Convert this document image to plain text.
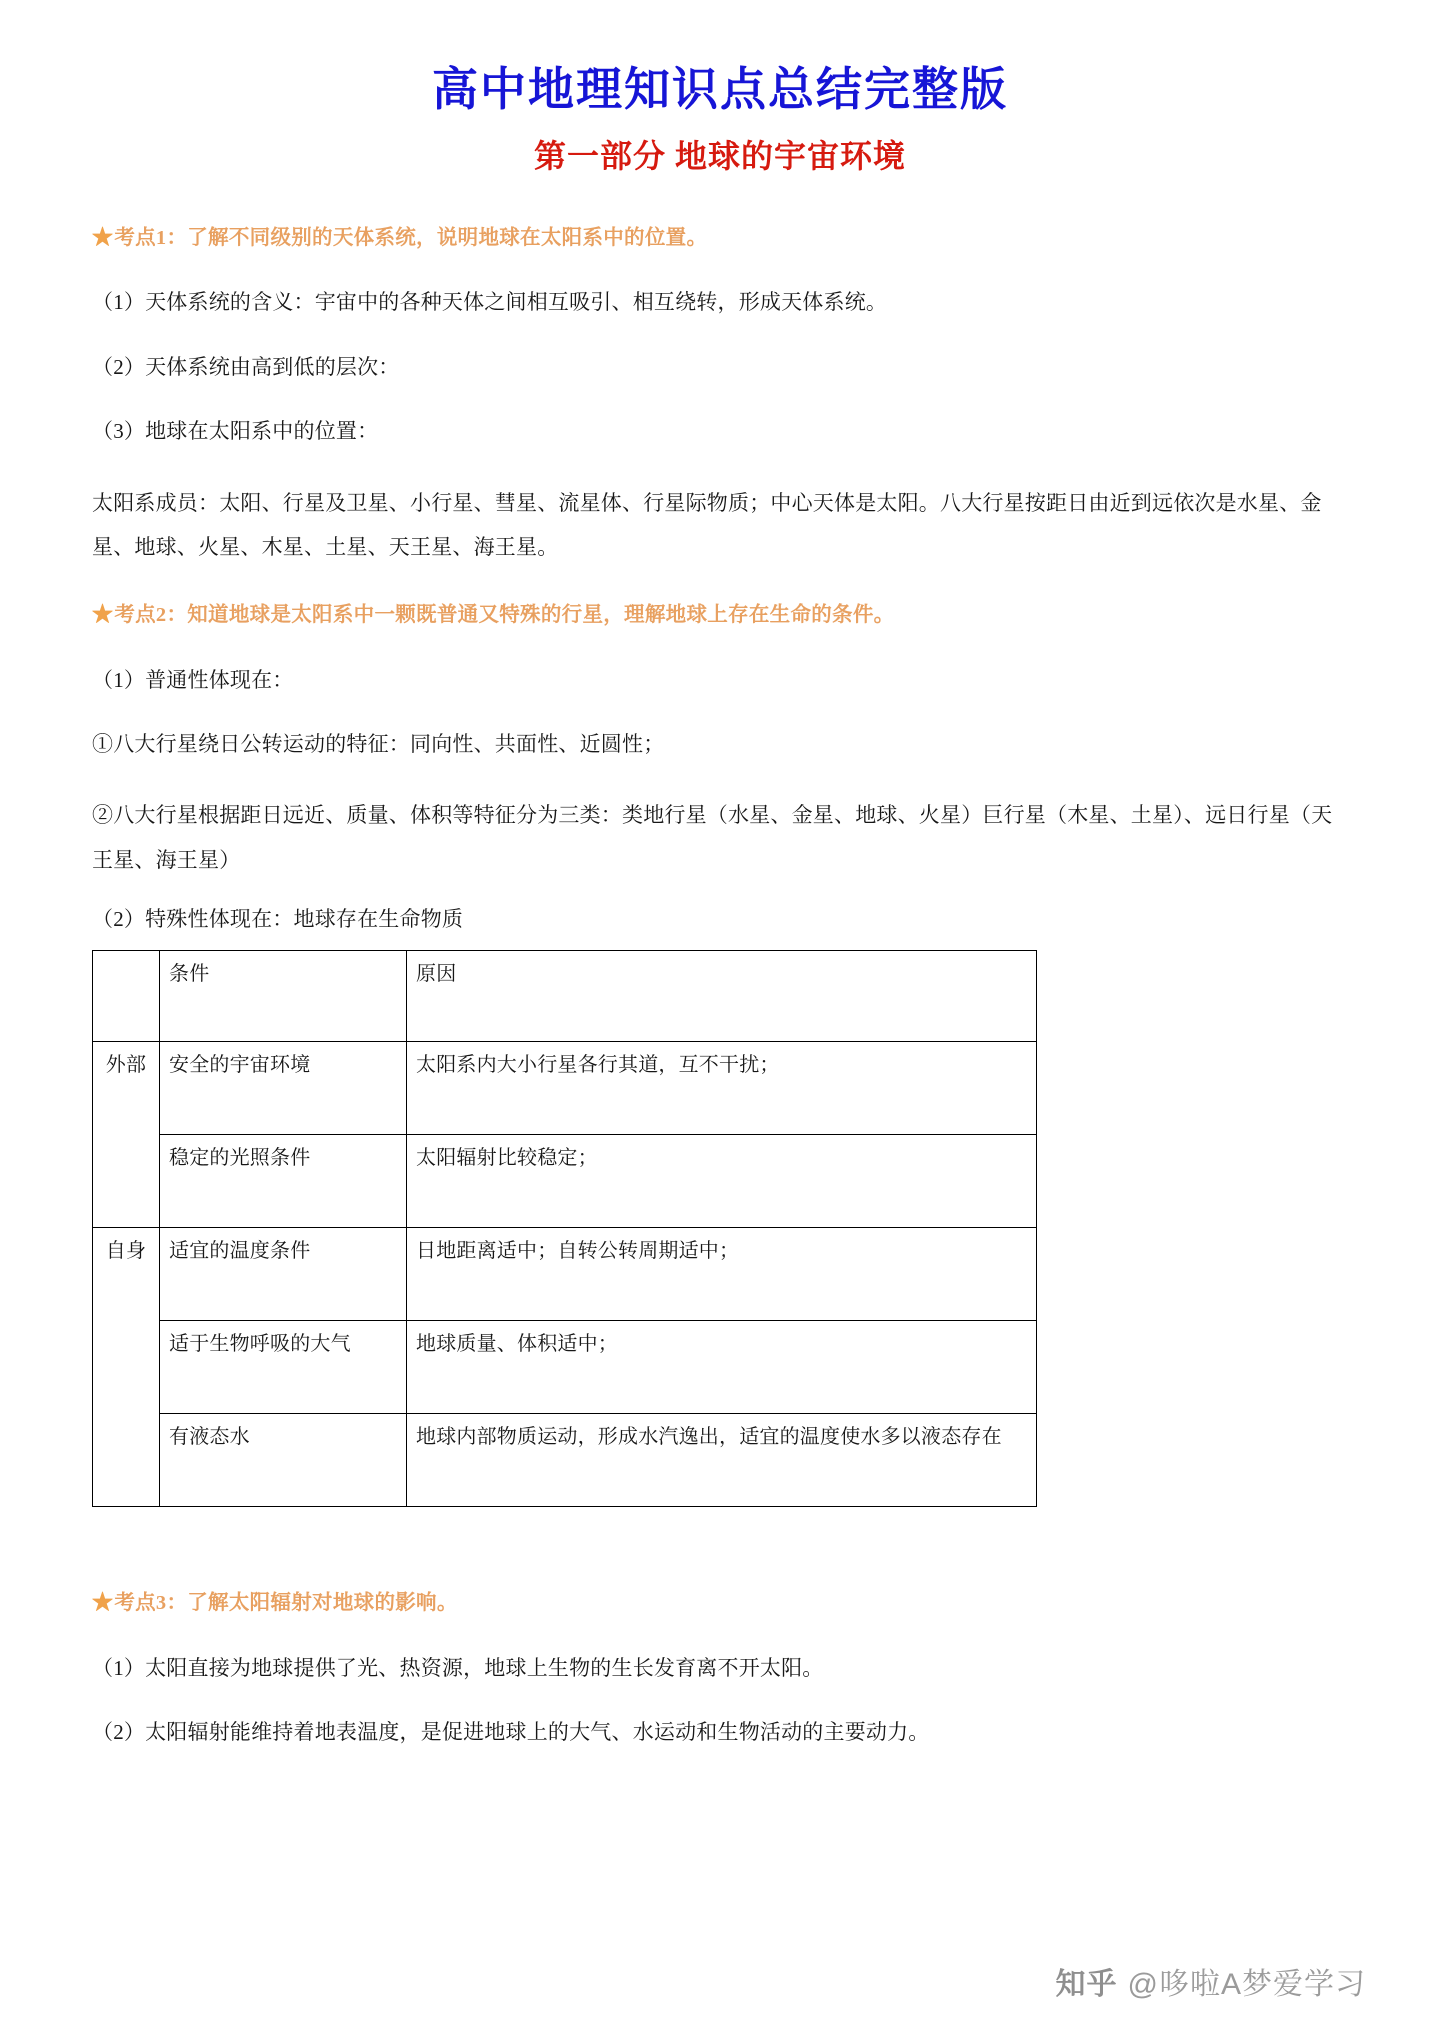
高中地理知识点总结完整版
第一部分 地球的宇宙环境

★考点1：了解不同级别的天体系统，说明地球在太阳系中的位置。

（1）天体系统的含义：宇宙中的各种天体之间相互吸引、相互绕转，形成天体系统。

（2）天体系统由高到低的层次：

（3）地球在太阳系中的位置：

太阳系成员：太阳、行星及卫星、小行星、彗星、流星体、行星际物质；中心天体是太阳。八大行星按距日由近到远依次是水星、金星、地球、火星、木星、土星、天王星、海王星。

★考点2：知道地球是太阳系中一颗既普通又特殊的行星，理解地球上存在生命的条件。

（1）普通性体现在：

①八大行星绕日公转运动的特征：同向性、共面性、近圆性；

②八大行星根据距日远近、质量、体积等特征分为三类：类地行星（水星、金星、地球、火星）巨行星（木星、土星）、远日行星（天王星、海王星）

（2）特殊性体现在：地球存在生命物质

	条件	原因
外部	安全的宇宙环境	太阳系内大小行星各行其道，互不干扰；
	稳定的光照条件	太阳辐射比较稳定；
自身	适宜的温度条件	日地距离适中；自转公转周期适中；
	适于生物呼吸的大气	地球质量、体积适中；
	有液态水	地球内部物质运动，形成水汽逸出，适宜的温度使水多以液态存在

★考点3：了解太阳辐射对地球的影响。

（1）太阳直接为地球提供了光、热资源，地球上生物的生长发育离不开太阳。

（2）太阳辐射能维持着地表温度，是促进地球上的大气、水运动和生物活动的主要动力。

知乎 @哆啦A梦爱学习
